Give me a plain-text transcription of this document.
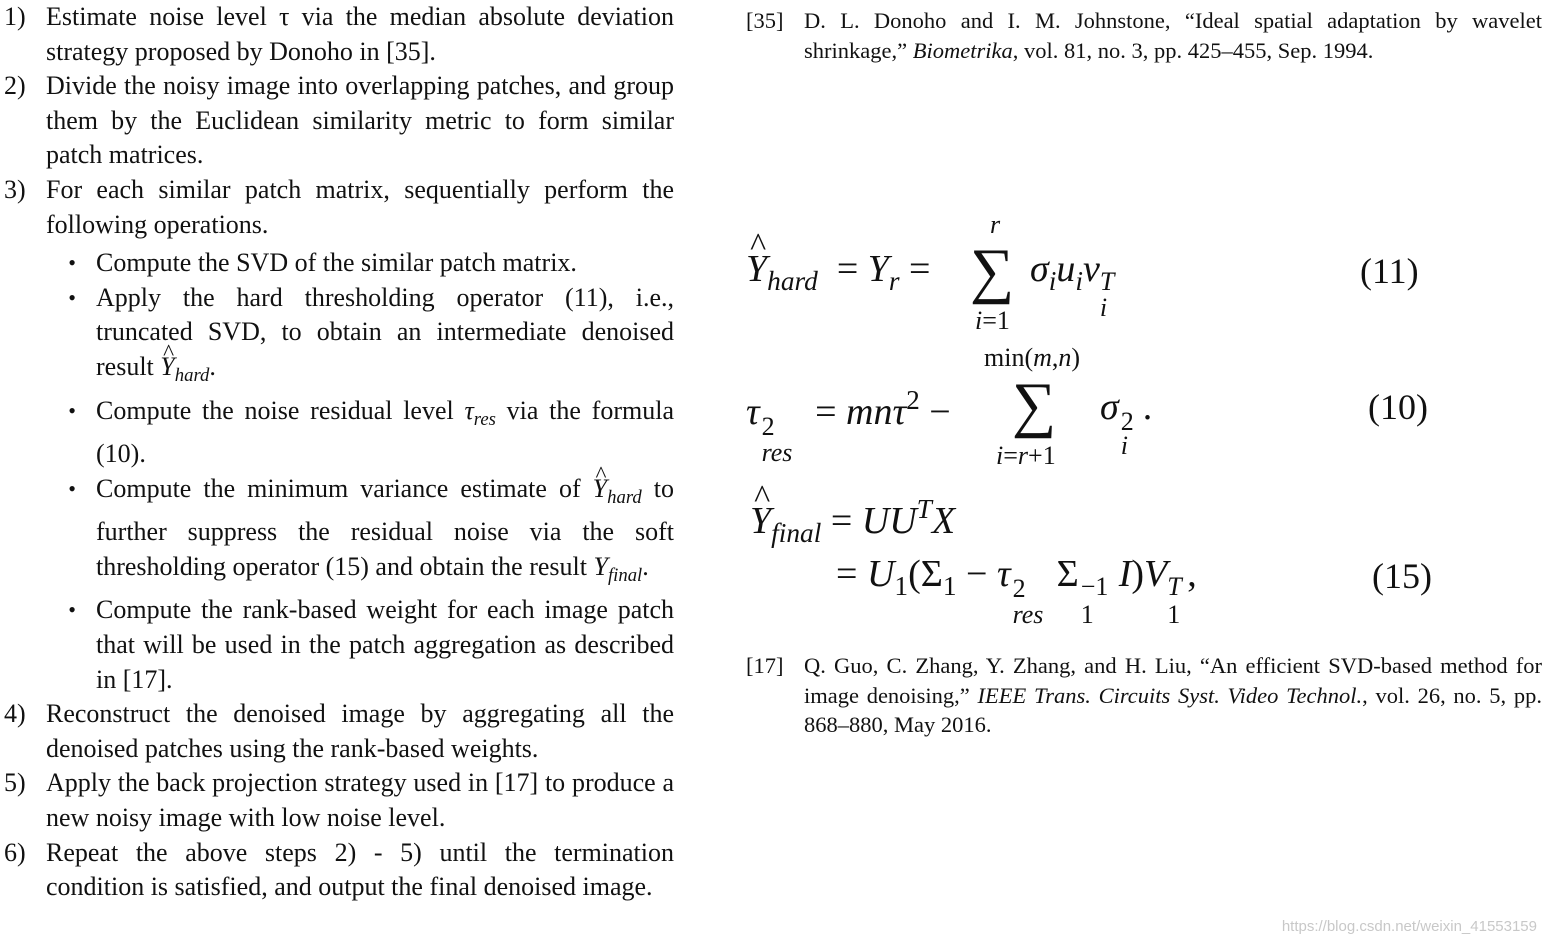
1) Estimate noise level τ via the median absolute deviation strategy proposed by Donoho in [35].
2) Divide the noisy image into overlapping patches, and group them by the Euclidean similarity metric to form similar patch matrices.
3) For each similar patch matrix, sequentially perform the following operations.
• Compute the SVD of the similar patch matrix.
• Apply the hard thresholding operator (11), i.e., truncated SVD, to obtain an intermediate denoised result ^ $Y_{hard}$.
• Compute the noise residual level $\tau_{res}$ via the formula (10).
• Compute the minimum variance estimate of ^ $Y_{hard}$ to further suppress the residual noise via the soft thresholding operator (15) and obtain the result $Y_{final}$.
• Compute the rank-based weight for each image patch that will be used in the patch aggregation as described in [17].
4) Reconstruct the denoised image by aggregating all the denoised patches using the rank-based weights.
5) Apply the back projection strategy used in [17] to produce a new noisy image with low noise level.
6) Repeat the above steps 2) - 5) until the termination condition is satisfied, and output the final denoised image.
[35] D. L. Donoho and I. M. Johnstone, “Ideal spatial adaptation by wavelet shrinkage,” Biometrika, vol. 81, no. 3, pp. 425–455, Sep. 1994.
^ $Y_{hard} = Y_r$ =
r
∑
i=1
$\sigma_iu_iv$ T
i
(11)
τ 2
res
= mnτ$^2$ −
min(m,n)
∑
i=r+1
σ 2
i
.	(10)
^ $Y_{final} = UU^TX$
= $U_1(\Sigma_1 - \tau$ 2
res
Σ −1
1
I)V T
1
,	(15)
[17] Q. Guo, C. Zhang, Y. Zhang, and H. Liu, “An efficient SVD-based method for image denoising,” IEEE Trans. Circuits Syst. Video Technol., vol. 26, no. 5, pp. 868–880, May 2016.
https://blog.csdn.net/weixin_41553159
